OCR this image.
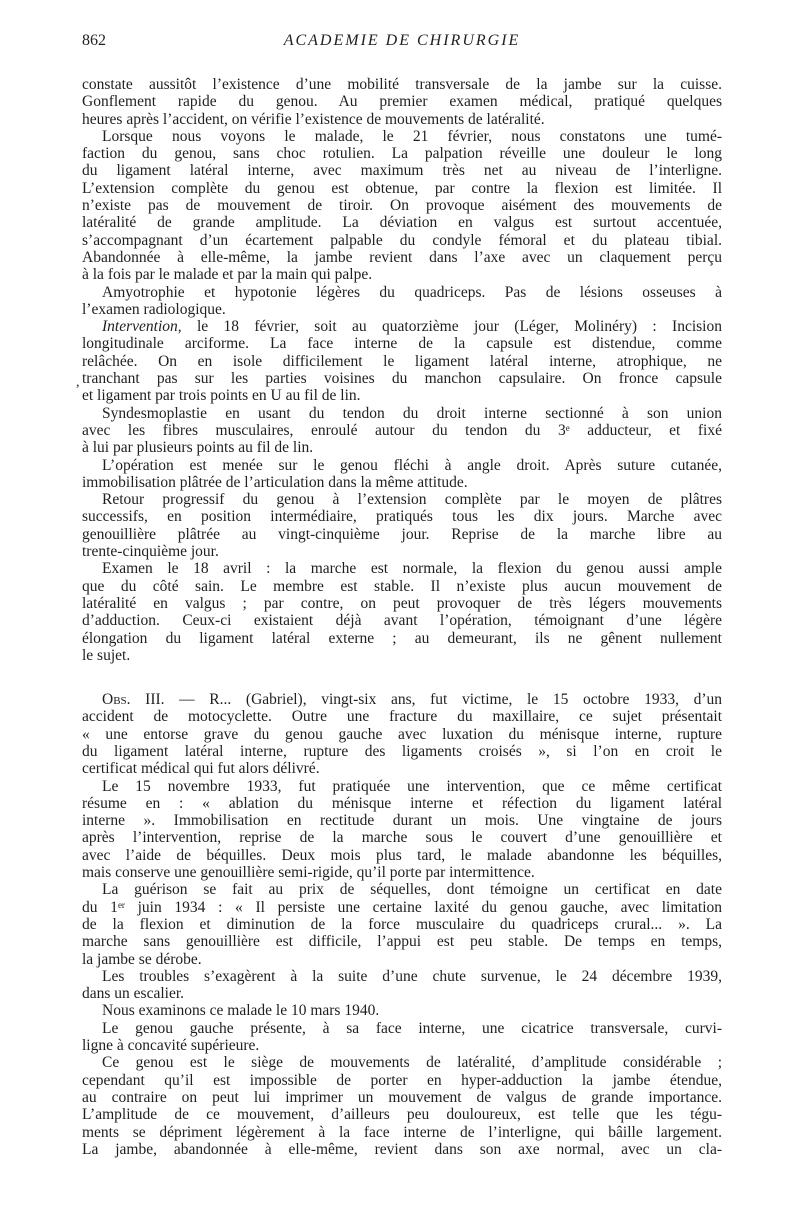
862	ACADEMIE DE CHIRURGIE
,
constate aussitôt l’existence d’une mobilité transversale de la jambe sur la cuisse.
Gonflement rapide du genou. Au premier examen médical, pratiqué quelques
heures après l’accident, on vérifie l’existence de mouvements de latéralité.
Lorsque nous voyons le malade, le 21 février, nous constatons une tumé-
faction du genou, sans choc rotulien. La palpation réveille une douleur le long
du ligament latéral interne, avec maximum très net au niveau de l’interligne.
L’extension complète du genou est obtenue, par contre la flexion est limitée. Il
n’existe pas de mouvement de tiroir. On provoque aisément des mouvements de
latéralité de grande amplitude. La déviation en valgus est surtout accentuée,
s’accompagnant d’un écartement palpable du condyle fémoral et du plateau tibial.
Abandonnée à elle-même, la jambe revient dans l’axe avec un claquement perçu
à la fois par le malade et par la main qui palpe.
Amyotrophie et hypotonie légères du quadriceps. Pas de lésions osseuses à
l’examen radiologique.
Intervention, le 18 février, soit au quatorzième jour (Léger, Molinéry) : Incision
longitudinale arciforme. La face interne de la capsule est distendue, comme
relâchée. On en isole difficilement le ligament latéral interne, atrophique, ne
tranchant pas sur les parties voisines du manchon capsulaire. On fronce capsule
et ligament par trois points en U au fil de lin.
Syndesmoplastie en usant du tendon du droit interne sectionné à son union
avec les fibres musculaires, enroulé autour du tendon du 3e adducteur, et fixé
à lui par plusieurs points au fil de lin.
L’opération est menée sur le genou fléchi à angle droit. Après suture cutanée,
immobilisation plâtrée de l’articulation dans la même attitude.
Retour progressif du genou à l’extension complète par le moyen de plâtres
successifs, en position intermédiaire, pratiqués tous les dix jours. Marche avec
genouillière plâtrée au vingt-cinquième jour. Reprise de la marche libre au
trente-cinquième jour.
Examen le 18 avril : la marche est normale, la flexion du genou aussi ample
que du côté sain. Le membre est stable. Il n’existe plus aucun mouvement de
latéralité en valgus ; par contre, on peut provoquer de très légers mouvements
d’adduction. Ceux-ci existaient déjà avant l’opération, témoignant d’une légère
élongation du ligament latéral externe ; au demeurant, ils ne gênent nullement
le sujet.
Obs. III. — R... (Gabriel), vingt-six ans, fut victime, le 15 octobre 1933, d’un
accident de motocyclette. Outre une fracture du maxillaire, ce sujet présentait
« une entorse grave du genou gauche avec luxation du ménisque interne, rupture
du ligament latéral interne, rupture des ligaments croisés », si l’on en croit le
certificat médical qui fut alors délivré.
Le 15 novembre 1933, fut pratiquée une intervention, que ce même certificat
résume en : « ablation du ménisque interne et réfection du ligament latéral
interne ». Immobilisation en rectitude durant un mois. Une vingtaine de jours
après l’intervention, reprise de la marche sous le couvert d’une genouillière et
avec l’aide de béquilles. Deux mois plus tard, le malade abandonne les béquilles,
mais conserve une genouillière semi-rigide, qu’il porte par intermittence.
La guérison se fait au prix de séquelles, dont témoigne un certificat en date
du 1er juin 1934 : « Il persiste une certaine laxité du genou gauche, avec limitation
de la flexion et diminution de la force musculaire du quadriceps crural... ». La
marche sans genouillière est difficile, l’appui est peu stable. De temps en temps,
la jambe se dérobe.
Les troubles s’exagèrent à la suite d’une chute survenue, le 24 décembre 1939,
dans un escalier.
Nous examinons ce malade le 10 mars 1940.
Le genou gauche présente, à sa face interne, une cicatrice transversale, curvi-
ligne à concavité supérieure.
Ce genou est le siège de mouvements de latéralité, d’amplitude considérable ;
cependant qu’il est impossible de porter en hyper-adduction la jambe étendue,
au contraire on peut lui imprimer un mouvement de valgus de grande importance.
L’amplitude de ce mouvement, d’ailleurs peu douloureux, est telle que les tégu-
ments se dépriment légèrement à la face interne de l’interligne, qui bâille largement.
La jambe, abandonnée à elle-même, revient dans son axe normal, avec un cla-
